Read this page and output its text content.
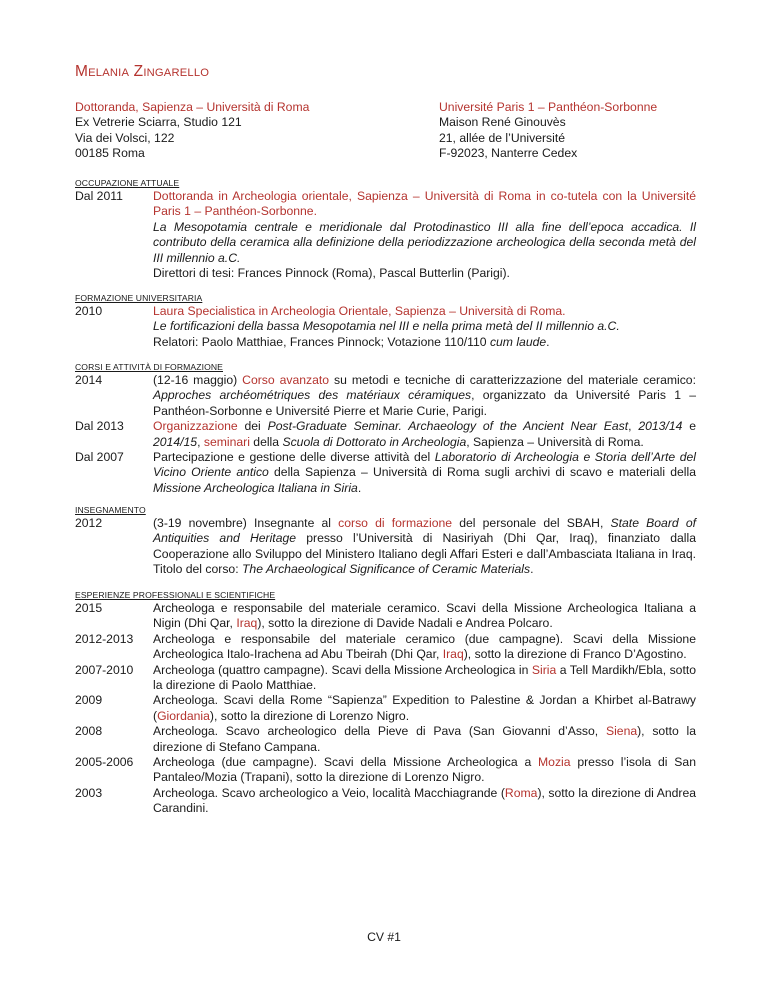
MELANIA ZINGARELLO
Dottoranda, Sapienza – Università di Roma
Ex Vetrerie Sciarra, Studio 121
Via dei Volsci, 122
00185 Roma
Université Paris 1 – Panthéon-Sorbonne
Maison René Ginouvès
21, allée de l’Université
F-92023, Nanterre Cedex
OCCUPAZIONE ATTUALE
Dal 2011	Dottoranda in Archeologia orientale, Sapienza – Università di Roma in co-tutela con la Université Paris 1 – Panthéon-Sorbonne.

La Mesopotamia centrale e meridionale dal Protodinastico III alla fine dell’epoca accadica. Il contributo della ceramica alla definizione della periodizzazione archeologica della seconda metà del III millennio a.C.

Direttori di tesi: Frances Pinnock (Roma), Pascal Butterlin (Parigi).

FORMAZIONE UNIVERSITARIA
2010	Laura Specialistica in Archeologia Orientale, Sapienza – Università di Roma.

Le fortificazioni della bassa Mesopotamia nel III e nella prima metà del II millennio a.C.

Relatori: Paolo Matthiae, Frances Pinnock; Votazione 110/110 cum laude.

CORSI E ATTIVITÀ DI FORMAZIONE
2014	(12-16 maggio) Corso avanzato su metodi e tecniche di caratterizzazione del materiale ceramico: Approches archéométriques des matériaux céramiques, organizzato da Université Paris 1 – Panthéon-Sorbonne e Université Pierre et Marie Curie, Parigi.

Dal 2013	Organizzazione dei Post-Graduate Seminar. Archaeology of the Ancient Near East, 2013/14 e 2014/15, seminari della Scuola di Dottorato in Archeologia, Sapienza – Università di Roma.

Dal 2007	Partecipazione e gestione delle diverse attività del Laboratorio di Archeologia e Storia dell’Arte del Vicino Oriente antico della Sapienza – Università di Roma sugli archivi di scavo e materiali della Missione Archeologica Italiana in Siria.

INSEGNAMENTO
2012	(3-19 novembre) Insegnante al corso di formazione del personale del SBAH, State Board of Antiquities and Heritage presso l’Università di Nasiriyah (Dhi Qar, Iraq), finanziato dalla Cooperazione allo Sviluppo del Ministero Italiano degli Affari Esteri e dall’Ambasciata Italiana in Iraq. Titolo del corso: The Archaeological Significance of Ceramic Materials.

ESPERIENZE PROFESSIONALI E SCIENTIFICHE
2015	Archeologa e responsabile del materiale ceramico. Scavi della Missione Archeologica Italiana a Nigin (Dhi Qar, Iraq), sotto la direzione di Davide Nadali e Andrea Polcaro.

2012-2013	Archeologa e responsabile del materiale ceramico (due campagne). Scavi della Missione Archeologica Italo-Irachena ad Abu Tbeirah (Dhi Qar, Iraq), sotto la direzione di Franco D’Agostino.

2007-2010	Archeologa (quattro campagne). Scavi della Missione Archeologica in Siria a Tell Mardikh/Ebla, sotto la direzione di Paolo Matthiae.

2009	Archeologa. Scavi della Rome “Sapienza” Expedition to Palestine & Jordan a Khirbet al-Batrawy (Giordania), sotto la direzione di Lorenzo Nigro.

2008	Archeologa. Scavo archeologico della Pieve di Pava (San Giovanni d’Asso, Siena), sotto la direzione di Stefano Campana.

2005-2006	Archeologa (due campagne). Scavi della Missione Archeologica a Mozia presso l’isola di San Pantaleo/Mozia (Trapani), sotto la direzione di Lorenzo Nigro.

2003	Archeologa. Scavo archeologico a Veio, località Macchiagrande (Roma), sotto la direzione di Andrea Carandini.

CV #1
